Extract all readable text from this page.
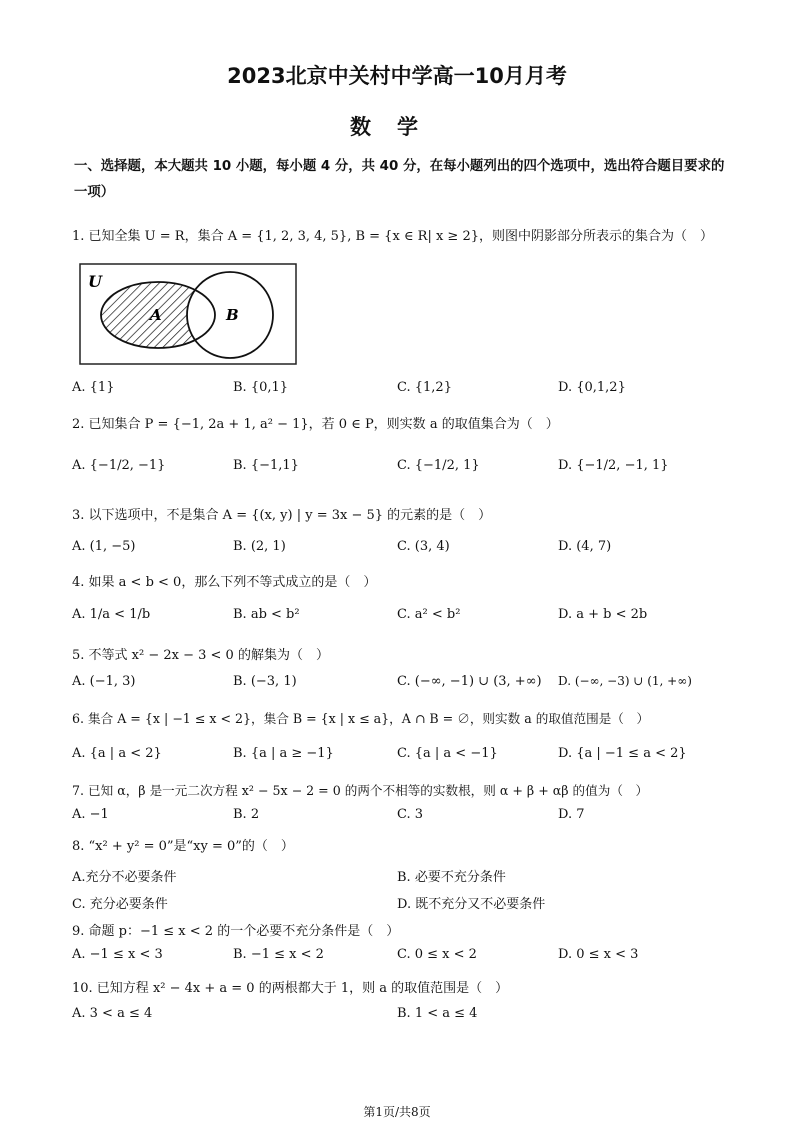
2023北京中关村中学高一10月月考
数学
一、选择题，本大题共 10 小题，每小题 4 分，共 40 分，在每小题列出的四个选项中，选出符合题目要求的一项）
1. 已知全集 U = R，集合 A = {1, 2, 3, 4, 5}, B = {x ∈ R| x ≥ 2}，则图中阴影部分所表示的集合为（　）
U
A	B
A. {1}	B. {0,1}	C. {1,2}	D. {0,1,2}
2. 已知集合 P = {−1, 2a + 1, a² − 1}，若 0 ∈ P，则实数 a 的取值集合为（　）
A. {−1/2, −1}	B. {−1,1}	C. {−1/2, 1}	D. {−1/2, −1, 1}
3. 以下选项中，不是集合 A = {(x, y) | y = 3x − 5} 的元素的是（　）
A. (1, −5)	B. (2, 1)	C. (3, 4)	D. (4, 7)
4. 如果 a < b < 0，那么下列不等式成立的是（　）
A. 1/a < 1/b	B. ab < b²	C. a² < b²	D. a + b < 2b
5. 不等式 x² − 2x − 3 < 0 的解集为（　）
A. (−1, 3)	B. (−3, 1)	C. (−∞, −1) ∪ (3, +∞) D. (−∞, −3) ∪ (1, +∞)
6. 集合 A = {x | −1 ≤ x < 2}，集合 B = {x | x ≤ a}，A ∩ B = ∅，则实数 a 的取值范围是（　）
A. {a | a < 2}	B. {a | a ≥ −1}	C. {a | a < −1}	D. {a | −1 ≤ a < 2}
7. 已知 α，β 是一元二次方程 x² − 5x − 2 = 0 的两个不相等的实数根，则 α + β + αβ 的值为（　）
A. −1	B. 2	C. 3	D. 7
8. “x² + y² = 0”是“xy = 0”的（　）
A.充分不必要条件	B. 必要不充分条件
C. 充分必要条件	D. 既不充分又不必要条件
9. 命题 p：−1 ≤ x < 2 的一个必要不充分条件是（　）
A. −1 ≤ x < 3	B. −1 ≤ x < 2	C. 0 ≤ x < 2	D. 0 ≤ x < 3
10. 已知方程 x² − 4x + a = 0 的两根都大于 1，则 a 的取值范围是（　）
A. 3 < a ≤ 4	B. 1 < a ≤ 4
第1页/共8页
